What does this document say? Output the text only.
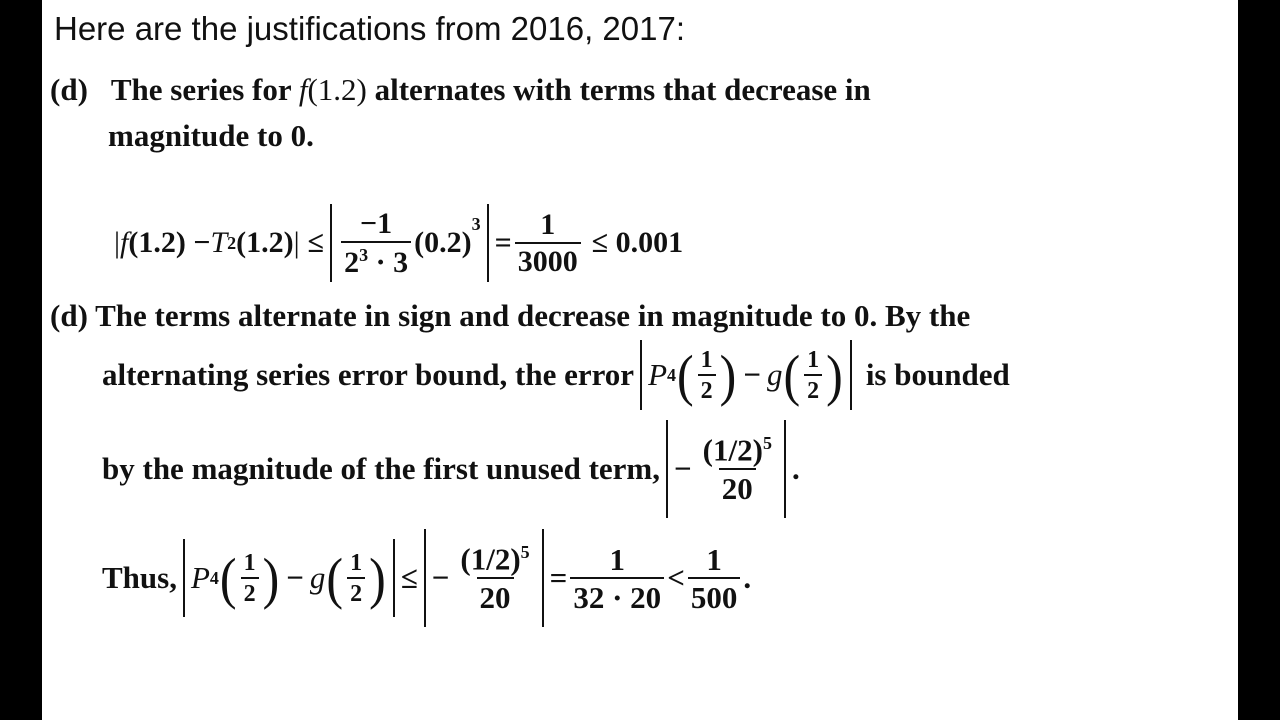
Here are the justifications from 2016, 2017:
(d) The series for f(1.2) alternates with terms that decrease in
magnitude to 0.
| f (1.2) − T 2 (1.2) | ≤ $\frac{-1}{2^3 \cdot 3} (0.2)$
$^3$
= $\frac{1}{3000} \le 0.001$
(d) The terms alternate in sign and decrease in magnitude to 0. By the
alternating series error bound, the error P 4 ( $\frac{1}{2}$ ) − g ( $\frac{1}{2}$ ) is bounded
by the magnitude of the first unused term, − $\frac{(1/2)^5}{20}$ .
Thus, P 4 ( $\frac{1}{2}$ ) − g ( $\frac{1}{2}$ ) ≤ − $\frac{(1/2)^5}{20} = \frac{1}{32 \cdot 20} < \frac{1}{500}$ .
